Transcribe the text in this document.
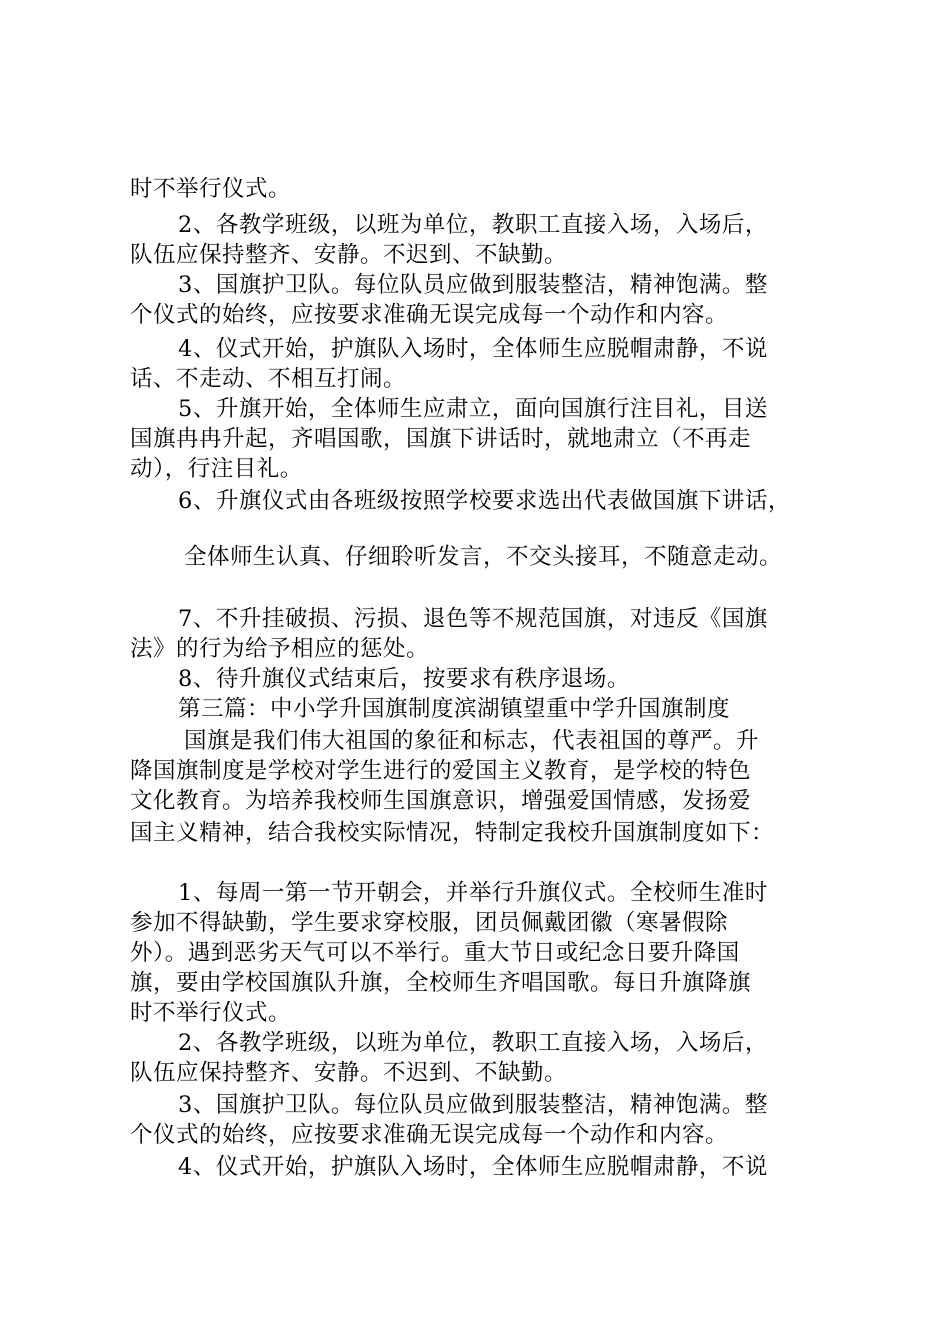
时不举行仪式。
2、各教学班级，以班为单位，教职工直接入场，入场后，
队伍应保持整齐、安静。不迟到、不缺勤。
3、国旗护卫队。每位队员应做到服装整洁，精神饱满。整
个仪式的始终，应按要求准确无误完成每一个动作和内容。
4、仪式开始，护旗队入场时，全体师生应脱帽肃静，不说
话、不走动、不相互打闹。
5、升旗开始，全体师生应肃立，面向国旗行注目礼，目送
国旗冉冉升起，齐唱国歌，国旗下讲话时，就地肃立（不再走
动），行注目礼。
6、升旗仪式由各班级按照学校要求选出代表做国旗下讲话，
全体师生认真、仔细聆听发言，不交头接耳，不随意走动。
7、不升挂破损、污损、退色等不规范国旗，对违反《国旗
法》的行为给予相应的惩处。
8、待升旗仪式结束后，按要求有秩序退场。
第三篇：中小学升国旗制度滨湖镇望重中学升国旗制度
国旗是我们伟大祖国的象征和标志，代表祖国的尊严。升
降国旗制度是学校对学生进行的爱国主义教育，是学校的特色
文化教育。为培养我校师生国旗意识，增强爱国情感，发扬爱
国主义精神，结合我校实际情况，特制定我校升国旗制度如下：
1、每周一第一节开朝会，并举行升旗仪式。全校师生准时
参加不得缺勤，学生要求穿校服，团员佩戴团徽（寒暑假除
外）。遇到恶劣天气可以不举行。重大节日或纪念日要升降国
旗，要由学校国旗队升旗，全校师生齐唱国歌。每日升旗降旗
时不举行仪式。
2、各教学班级，以班为单位，教职工直接入场，入场后，
队伍应保持整齐、安静。不迟到、不缺勤。
3、国旗护卫队。每位队员应做到服装整洁，精神饱满。整
个仪式的始终，应按要求准确无误完成每一个动作和内容。
4、仪式开始，护旗队入场时，全体师生应脱帽肃静，不说
